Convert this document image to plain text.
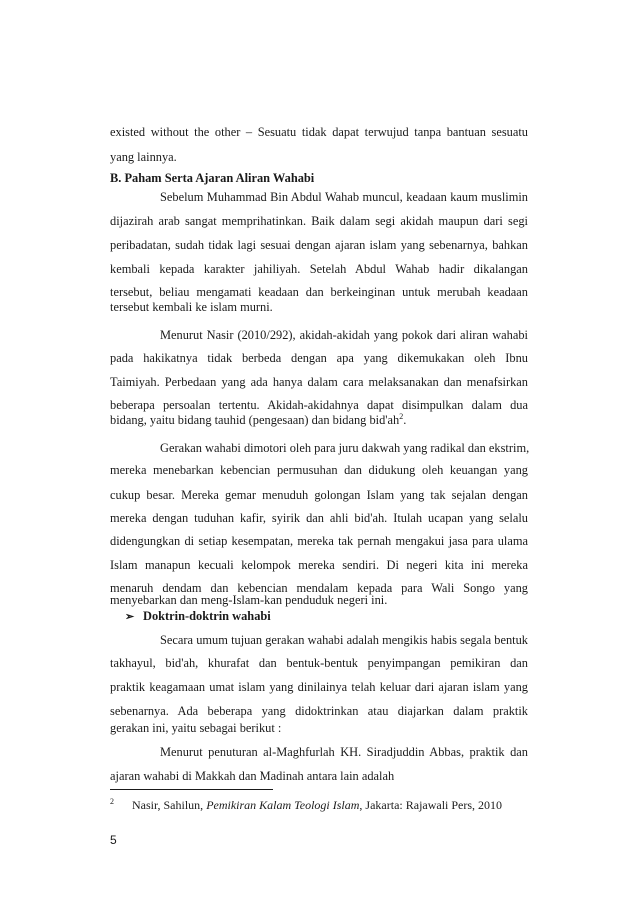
existed without the other – Sesuatu tidak dapat terwujud tanpa bantuan sesuatu
yang lainnya.
B. Paham Serta Ajaran Aliran Wahabi
Sebelum Muhammad Bin Abdul Wahab muncul, keadaan kaum muslimin
dijazirah arab sangat memprihatinkan. Baik dalam segi akidah maupun dari segi
peribadatan, sudah tidak lagi sesuai dengan ajaran islam yang sebenarnya, bahkan
kembali kepada karakter jahiliyah. Setelah Abdul Wahab hadir dikalangan
tersebut, beliau mengamati keadaan dan berkeinginan untuk merubah keadaan
tersebut kembali ke islam murni.
Menurut Nasir (2010/292), akidah-akidah yang pokok dari aliran wahabi
pada hakikatnya tidak berbeda dengan apa yang dikemukakan oleh Ibnu
Taimiyah. Perbedaan yang ada hanya dalam cara melaksanakan dan menafsirkan
beberapa persoalan tertentu. Akidah-akidahnya dapat disimpulkan dalam dua
bidang, yaitu bidang tauhid (pengesaan) dan bidang $bid'ah^2$.
Gerakan wahabi dimotori oleh para juru dakwah yang radikal dan ekstrim,
mereka menebarkan kebencian permusuhan dan didukung oleh keuangan yang
cukup besar. Mereka gemar menuduh golongan Islam yang tak sejalan dengan
mereka dengan tuduhan kafir, syirik dan ahli bid'ah. Itulah ucapan yang selalu
didengungkan di setiap kesempatan, mereka tak pernah mengakui jasa para ulama
Islam manapun kecuali kelompok mereka sendiri. Di negeri kita ini mereka
menaruh dendam dan kebencian mendalam kepada para Wali Songo yang
menyebarkan dan meng-Islam-kan penduduk negeri ini.
➢ Doktrin-doktrin wahabi
Secara umum tujuan gerakan wahabi adalah mengikis habis segala bentuk
takhayul, bid'ah, khurafat dan bentuk-bentuk penyimpangan pemikiran dan
praktik keagamaan umat islam yang dinilainya telah keluar dari ajaran islam yang
sebenarnya. Ada beberapa yang didoktrinkan atau diajarkan dalam praktik
gerakan ini, yaitu sebagai berikut :
Menurut penuturan al-Maghfurlah KH. Siradjuddin Abbas, praktik dan
ajaran wahabi di Makkah dan Madinah antara lain adalah
$^2$ Nasir, Sahilun, Pemikiran Kalam Teologi Islam, Jakarta: Rajawali Pers, 2010
5
